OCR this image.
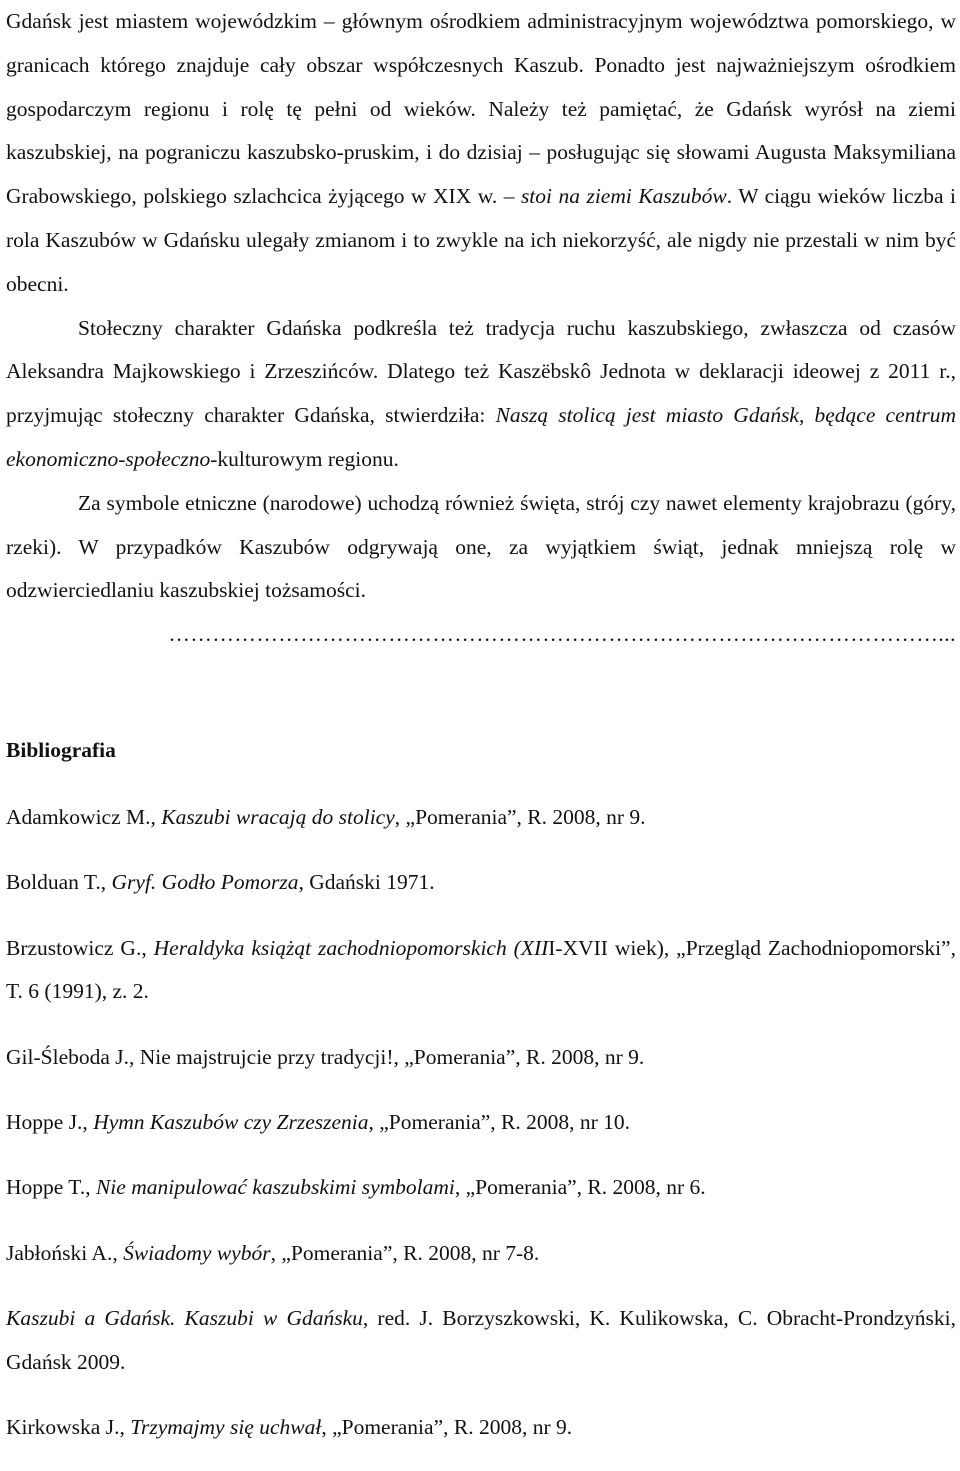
Gdańsk jest miastem wojewódzkim – głównym ośrodkiem administracyjnym województwa pomorskiego, w granicach którego znajduje cały obszar współczesnych Kaszub. Ponadto jest najważniejszym ośrodkiem gospodarczym regionu i rolę tę pełni od wieków. Należy też pamiętać, że Gdańsk wyrósł na ziemi kaszubskiej, na pograniczu kaszubsko-pruskim, i do dzisiaj – posługując się słowami Augusta Maksymiliana Grabowskiego, polskiego szlachcica żyjącego w XIX w. – stoi na ziemi Kaszubów. W ciągu wieków liczba i rola Kaszubów w Gdańsku ulegały zmianom i to zwykle na ich niekorzyść, ale nigdy nie przestali w nim być obecni.

Stołeczny charakter Gdańska podkreśla też tradycja ruchu kaszubskiego, zwłaszcza od czasów Aleksandra Majkowskiego i Zrzeszińców. Dlatego też Kaszëbskô Jednota w deklaracji ideowej z 2011 r., przyjmując stołeczny charakter Gdańska, stwierdziła: Naszą stolicą jest miasto Gdańsk, będące centrum ekonomiczno-społeczno-kulturowym regionu.

Za symbole etniczne (narodowe) uchodzą również święta, strój czy nawet elementy krajobrazu (góry, rzeki). W przypadków Kaszubów odgrywają one, za wyjątkiem świąt, jednak mniejszą rolę w odzwierciedlaniu kaszubskiej tożsamości.

……………………………………………………………………………………………...

Bibliografia

Adamkowicz M., Kaszubi wracają do stolicy, „Pomerania”, R. 2008, nr 9.

Bolduan T., Gryf. Godło Pomorza, Gdański 1971.

Brzustowicz G., Heraldyka książąt zachodniopomorskich (XIII-XVII wiek), „Przegląd Zachodniopomorski”, T. 6 (1991), z. 2.

Gil-Śleboda J., Nie majstrujcie przy tradycji!, „Pomerania”, R. 2008, nr 9.

Hoppe J., Hymn Kaszubów czy Zrzeszenia, „Pomerania”, R. 2008, nr 10.

Hoppe T., Nie manipulować kaszubskimi symbolami, „Pomerania”, R. 2008, nr 6.

Jabłoński A., Świadomy wybór, „Pomerania”, R. 2008, nr 7-8.

Kaszubi a Gdańsk. Kaszubi w Gdańsku, red. J. Borzyszkowski, K. Kulikowska, C. Obracht-Prondzyński, Gdańsk 2009.

Kirkowska J., Trzymajmy się uchwał, „Pomerania”, R. 2008, nr 9.
